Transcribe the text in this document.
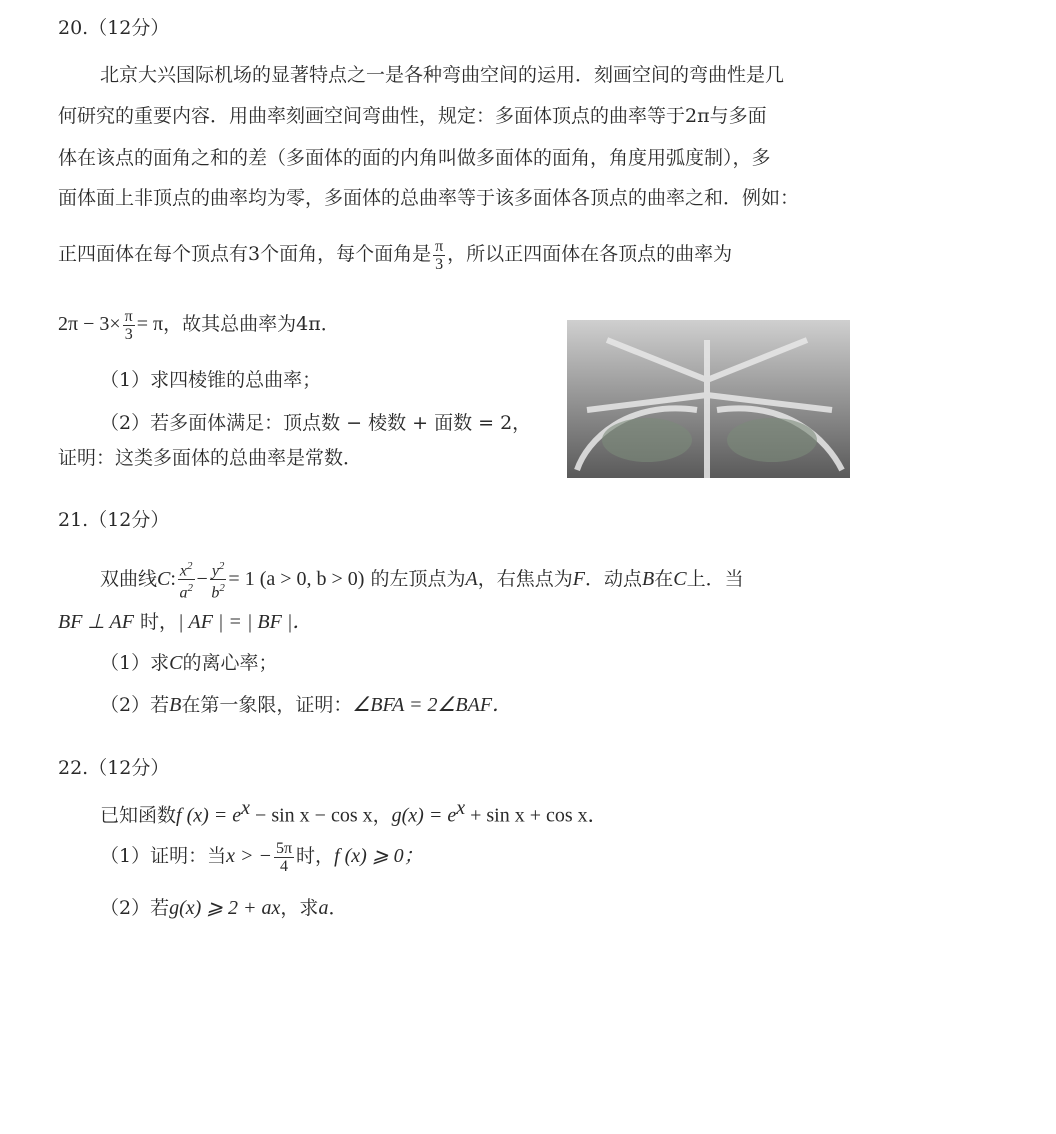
20.（12分）
北京大兴国际机场的显著特点之一是各种弯曲空间的运用．刻画空间的弯曲性是几
何研究的重要内容．用曲率刻画空间弯曲性，规定：多面体顶点的曲率等于2π与多面
体在该点的面角之和的差（多面体的面的内角叫做多面体的面角，角度用弧度制），多
面体面上非顶点的曲率均为零，多面体的总曲率等于该多面体各顶点的曲率之和．例如：
正四面体在每个顶点有3个面角，每个面角是 $\frac{\pi}{3}$ ，所以正四面体在各顶点的曲率为
$2\pi - 3\times \frac{\pi}{3} = \pi$，故其总曲率为4π．
（1）求四棱锥的总曲率；
（2）若多面体满足：顶点数 − 棱数 + 面数 = 2，
证明：这类多面体的总曲率是常数．
21.（12分）
双曲线C: $\frac{x^2}{a^2} - \frac{y^2}{b^2} = 1$ (a > 0, b > 0) 的左顶点为A，右焦点为F．动点B在C上．当
BF ⊥ AF 时，| AF | = | BF |．
（1）求C的离心率；
（2）若B在第一象限，证明：∠BFA = 2∠BAF．
22.（12分）
已知函数f $(x) = e^x - \sin x - \cos x$，$g(x) = e^x + \sin x + \cos x$．
（1）证明：当x > − $\frac{5\pi}{4}$ 时，f (x) ⩾ 0；
（2）若g(x) ⩾ 2 + ax，求a．
